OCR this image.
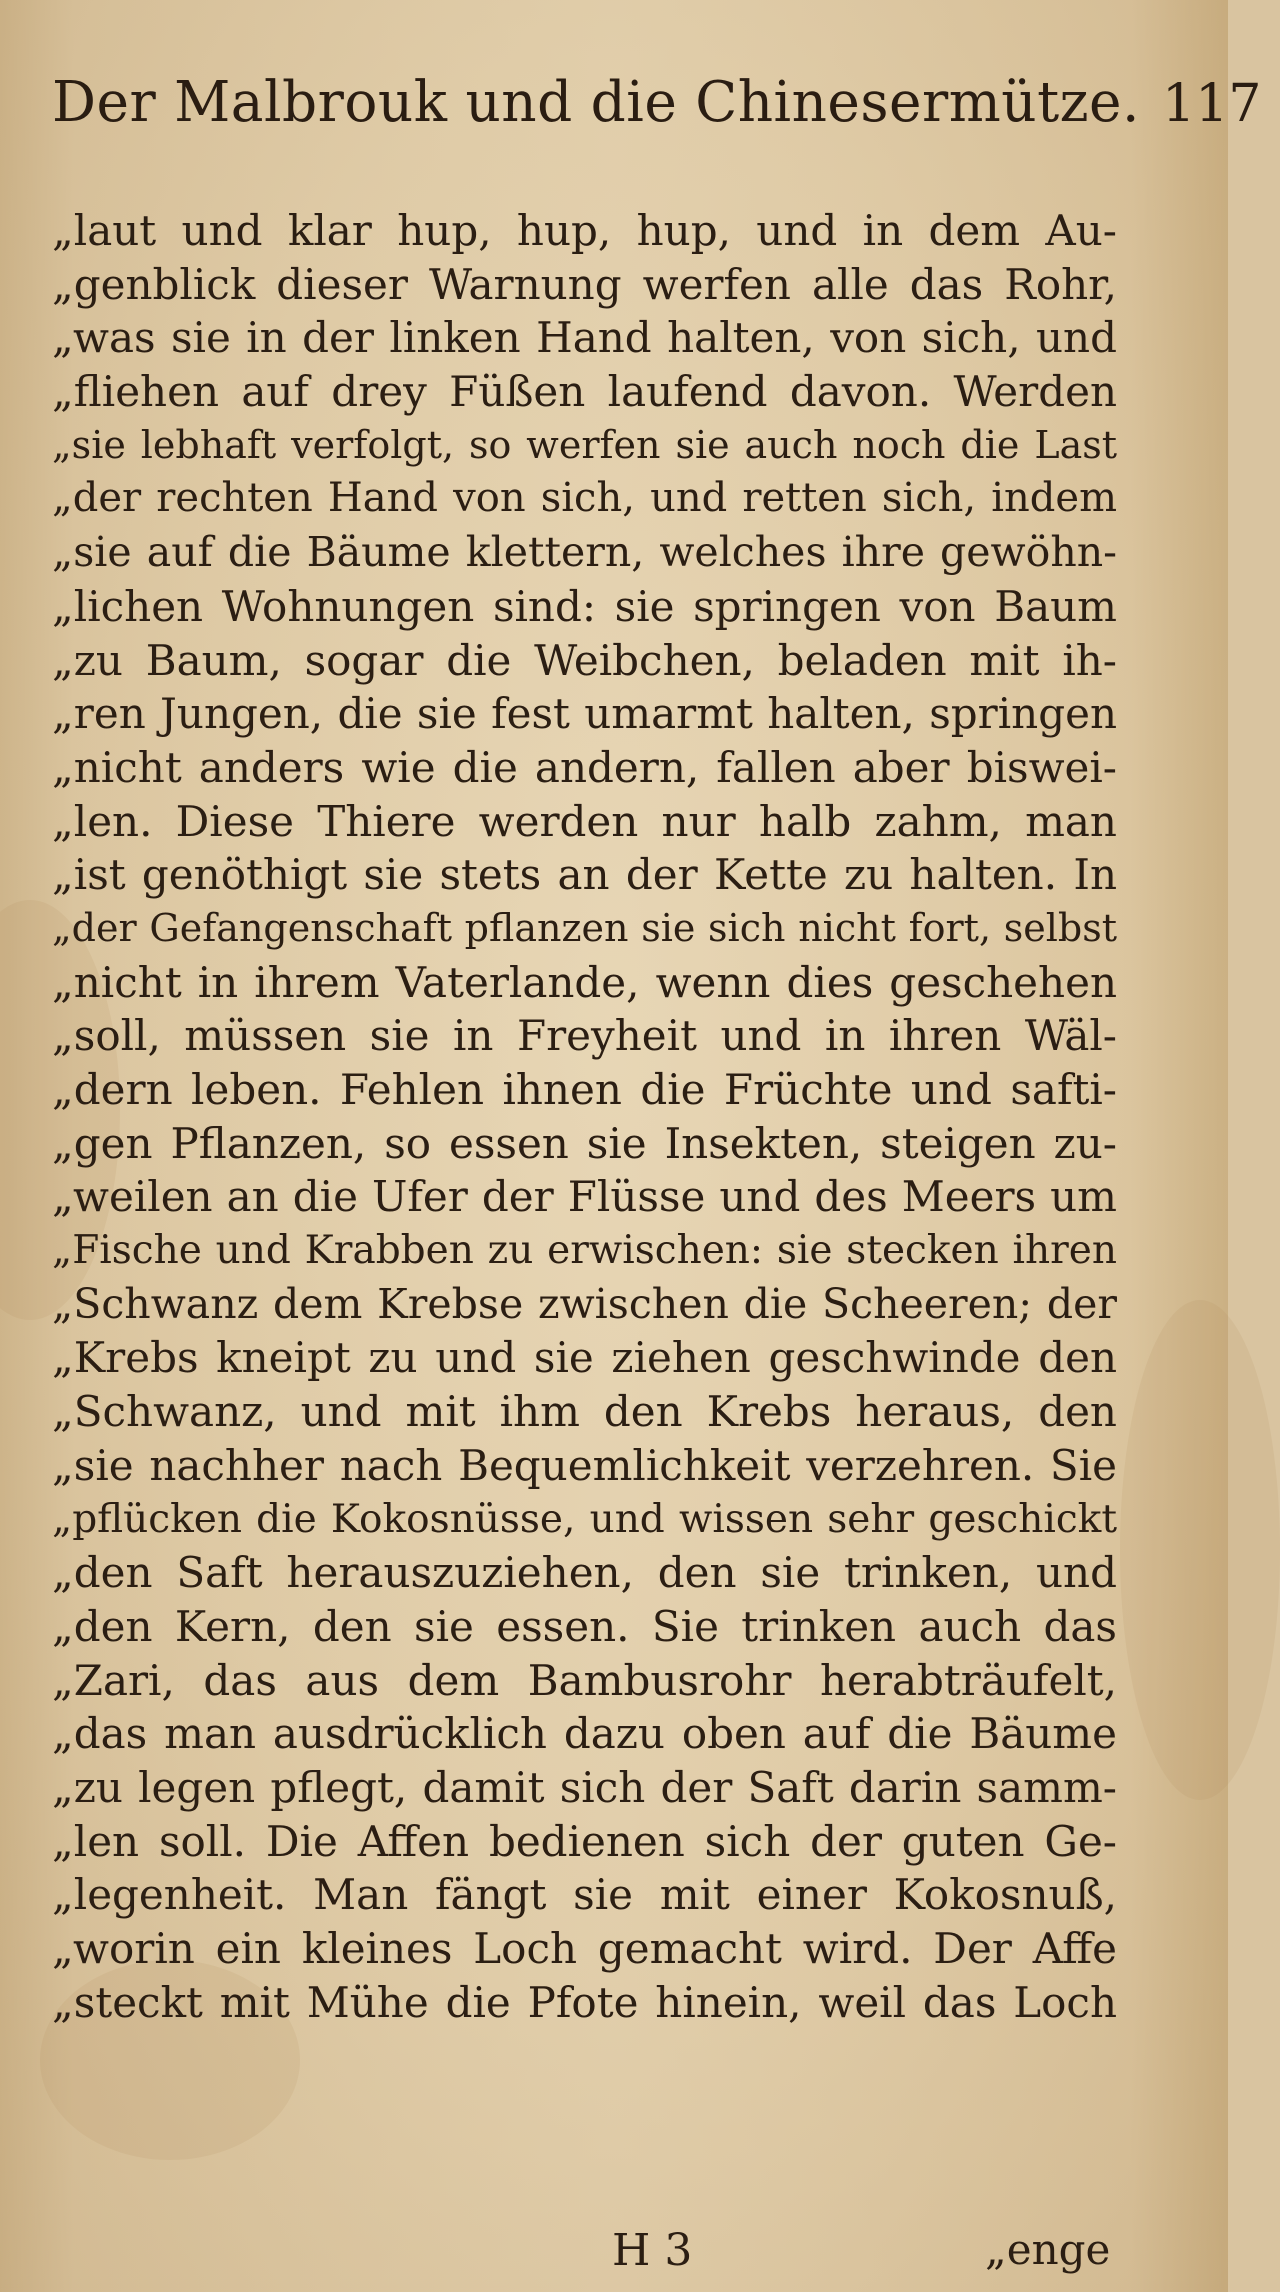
Der Malbrouk und die Chinesermütze. 117
„laut und klar hup, hup, hup, und in dem Au-
„genblick dieser Warnung werfen alle das Rohr,
„was sie in der linken Hand halten, von sich, und
„fliehen auf drey Füßen laufend davon. Werden
„sie lebhaft verfolgt, so werfen sie auch noch die Last
„der rechten Hand von sich, und retten sich, indem
„sie auf die Bäume klettern, welches ihre gewöhn-
„lichen Wohnungen sind: sie springen von Baum
„zu Baum, sogar die Weibchen, beladen mit ih-
„ren Jungen, die sie fest umarmt halten, springen
„nicht anders wie die andern, fallen aber biswei-
„len. Diese Thiere werden nur halb zahm, man
„ist genöthigt sie stets an der Kette zu halten. In
„der Gefangenschaft pflanzen sie sich nicht fort, selbst
„nicht in ihrem Vaterlande, wenn dies geschehen
„soll, müssen sie in Freyheit und in ihren Wäl-
„dern leben. Fehlen ihnen die Früchte und safti-
„gen Pflanzen, so essen sie Insekten, steigen zu-
„weilen an die Ufer der Flüsse und des Meers um
„Fische und Krabben zu erwischen: sie stecken ihren
„Schwanz dem Krebse zwischen die Scheeren; der
„Krebs kneipt zu und sie ziehen geschwinde den
„Schwanz, und mit ihm den Krebs heraus, den
„sie nachher nach Bequemlichkeit verzehren. Sie
„pflücken die Kokosnüsse, und wissen sehr geschickt
„den Saft herauszuziehen, den sie trinken, und
„den Kern, den sie essen. Sie trinken auch das
„Zari, das aus dem Bambusrohr herabträufelt,
„das man ausdrücklich dazu oben auf die Bäume
„zu legen pflegt, damit sich der Saft darin samm-
„len soll. Die Affen bedienen sich der guten Ge-
„legenheit. Man fängt sie mit einer Kokosnuß,
„worin ein kleines Loch gemacht wird. Der Affe
„steckt mit Mühe die Pfote hinein, weil das Loch
H 3	„enge
